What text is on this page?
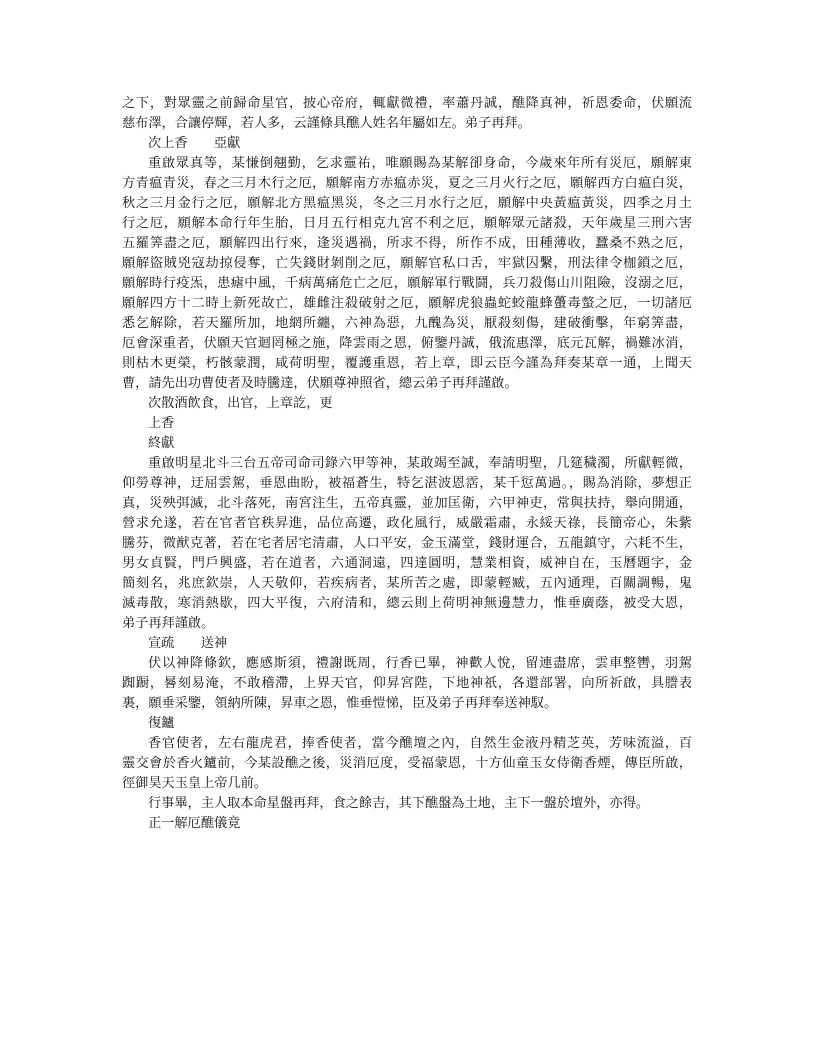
之下，對眾靈之前歸命星官，披心帝府，輒獻微禮，率蕭丹誠，醮降真神，祈恩委命，伏願流
慈布澤，合讓停輝，若人多，云謹條具醮人姓名年屬如左。弟子再拜。
次上香　　亞獻
重啟眾真等，某慊倒翹勤，乞求靈祐，唯願賜為某解卻身命，今歲來年所有災厄，願解東
方青瘟青災，春之三月木行之厄，願解南方赤瘟赤災，夏之三月火行之厄，願解西方白瘟白災，
秋之三月金行之厄，願解北方黑瘟黑災，冬之三月水行之厄，願解中央黃瘟黃災，四季之月土
行之厄，願解本命行年生胎，日月五行相克九宮不利之厄，願解眾元諸殺，天年歲星三刑六害
五羅筭盡之厄，願解四出行來，逢災遇禍，所求不得，所作不成，田種薄收，蠶桑不熟之厄，
願解盜賊兇寇劫掠侵奪，亡失錢財剝削之厄，願解官私口舌，牢獄囚繫，刑法律令枷鎖之厄，
願解時行疫炁，患瘧中風，千病萬痛危亡之厄，願解軍行戰鬪，兵刀殺傷山川阻險，沒溺之厄，
願解四方十二時上新死故亡，雄雌注殺破射之厄，願解虎狼蟲蛇蛟龍蜂蠆毒螫之厄，一切諸厄
悉乞解除，若天羅所加，地網所纏，六神為惡，九醜為災，厭殺刻傷，建破衝擊，年窮筭盡，
厄會深重者，伏願天官迴罔極之施，降雲雨之恩，俯鑒丹誠，俄流惠澤，底元瓦解，禍難冰消，
則枯木更榮，朽骸蒙潤，咸荷明聖，覆護重恩，若上章，即云臣今謹為拜奏某章一通，上聞天
曹，請先出功曹使者及時騰達，伏願尊神照省，總云弟子再拜謹啟。
次散酒飲食，出官，上章訖，更
上香
終獻
重啟明星北斗三台五帝司命司錄六甲等神，某敢竭至誠，奉請明聖，几筵穢濁，所獻輕微，
仰勞尊神，迂屈雲駕，垂恩曲盼，被福蒼生，特乞湛波恩霑，某千愆萬過。，賜為消除，夢想正
真，災殃弭滅，北斗落死，南宮注生，五帝真靈，並加匡衛，六甲神吏，常與扶持，舉向開通，
營求允遂，若在官者官秩昇進，品位高遷，政化風行，威嚴霜肅，永綏天祿，長簡帝心，朱紫
騰芬，微猷克著，若在宅者居宅清肅，人口平安，金玉滿堂，錢財運合，五龍鎮守，六耗不生，
男女貞賢，門戶興盛，若在道者，六通洞遠，四達圓明，慧業相資，威神自在，玉曆題字，金
簡刻名，兆庶欽崇，人天敬仰，若疾病者，某所苦之處，即蒙輕臧，五內通理，百關調暢，鬼
滅毒散，寒消熱歇，四大平復，六府清和，總云則上荷明神無邊慧力，惟垂廣蔭，被受大恩，
弟子再拜謹啟。
宣疏　　送神
伏以神降條欽，應感斯須，禮謝既周，行香已畢，神歡人悅，留連盡席，雲車整轡，羽駕
踟蹰，晷刻易淹，不敢稽滯，上界天官，仰昇宮陛，下地神祇，各還部署，向所祈啟，具謄表
裏，願垂采鑒，領納所陳，昇車之恩，惟垂愷悌，臣及弟子再拜奉送神馭。
復鑪
香官使者，左右龍虎君，捧香使者，當今醮壇之內，自然生金液丹精芝英，芳味流溢，百
靈交會於香火鑪前，今某設醮之後，災消厄度，受福蒙恩，十方仙童玉女侍衛香煙，傳臣所啟，
徑御昊天玉皇上帝几前。
行事畢，主人取本命星盤再拜，食之餘吉，其下醮盤為土地，主下一盤於壇外，亦得。
正一解厄醮儀竟
